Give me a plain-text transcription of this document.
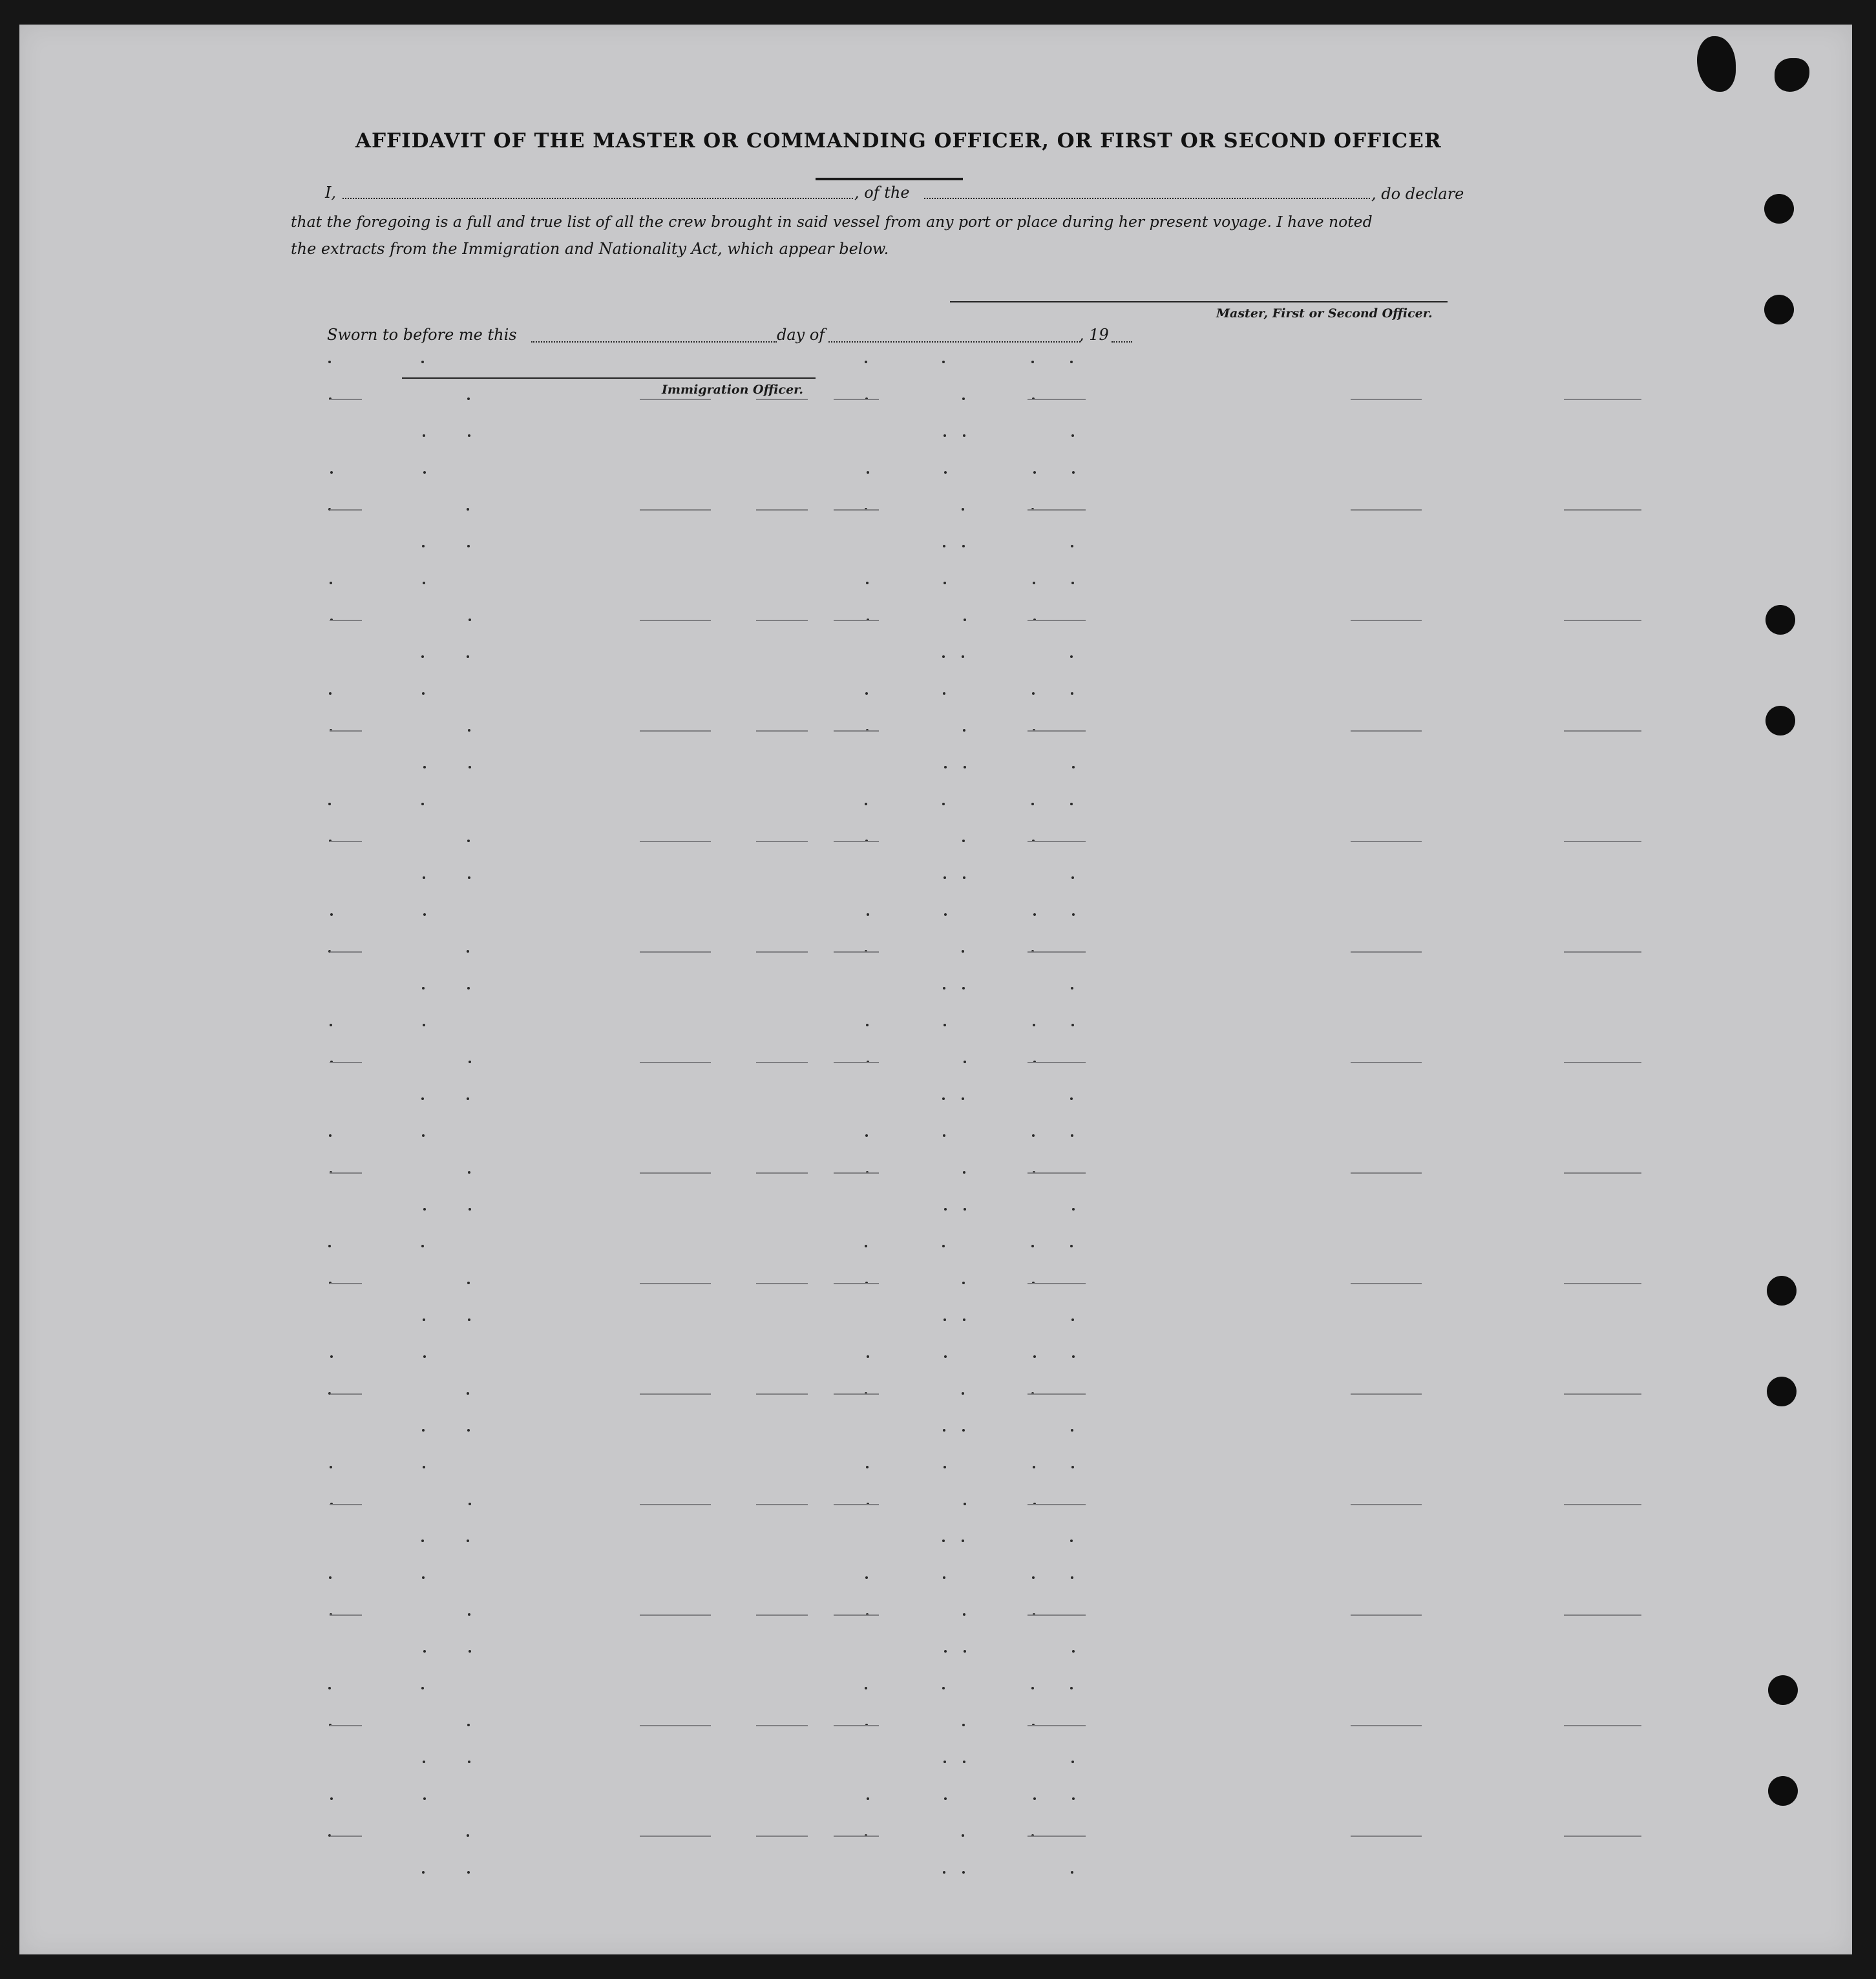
AFFIDAVIT OF THE MASTER OR COMMANDING OFFICER, OR FIRST OR SECOND OFFICER
I,	, of the	, do declare
that the foregoing is a full and true list of all the crew brought in said vessel from any port or place during her present voyage. I have noted
the extracts from the Immigration and Nationality Act, which appear below.
Master, First or Second Officer.
Sworn to before me this	day of	, 19
Immigration Officer.
